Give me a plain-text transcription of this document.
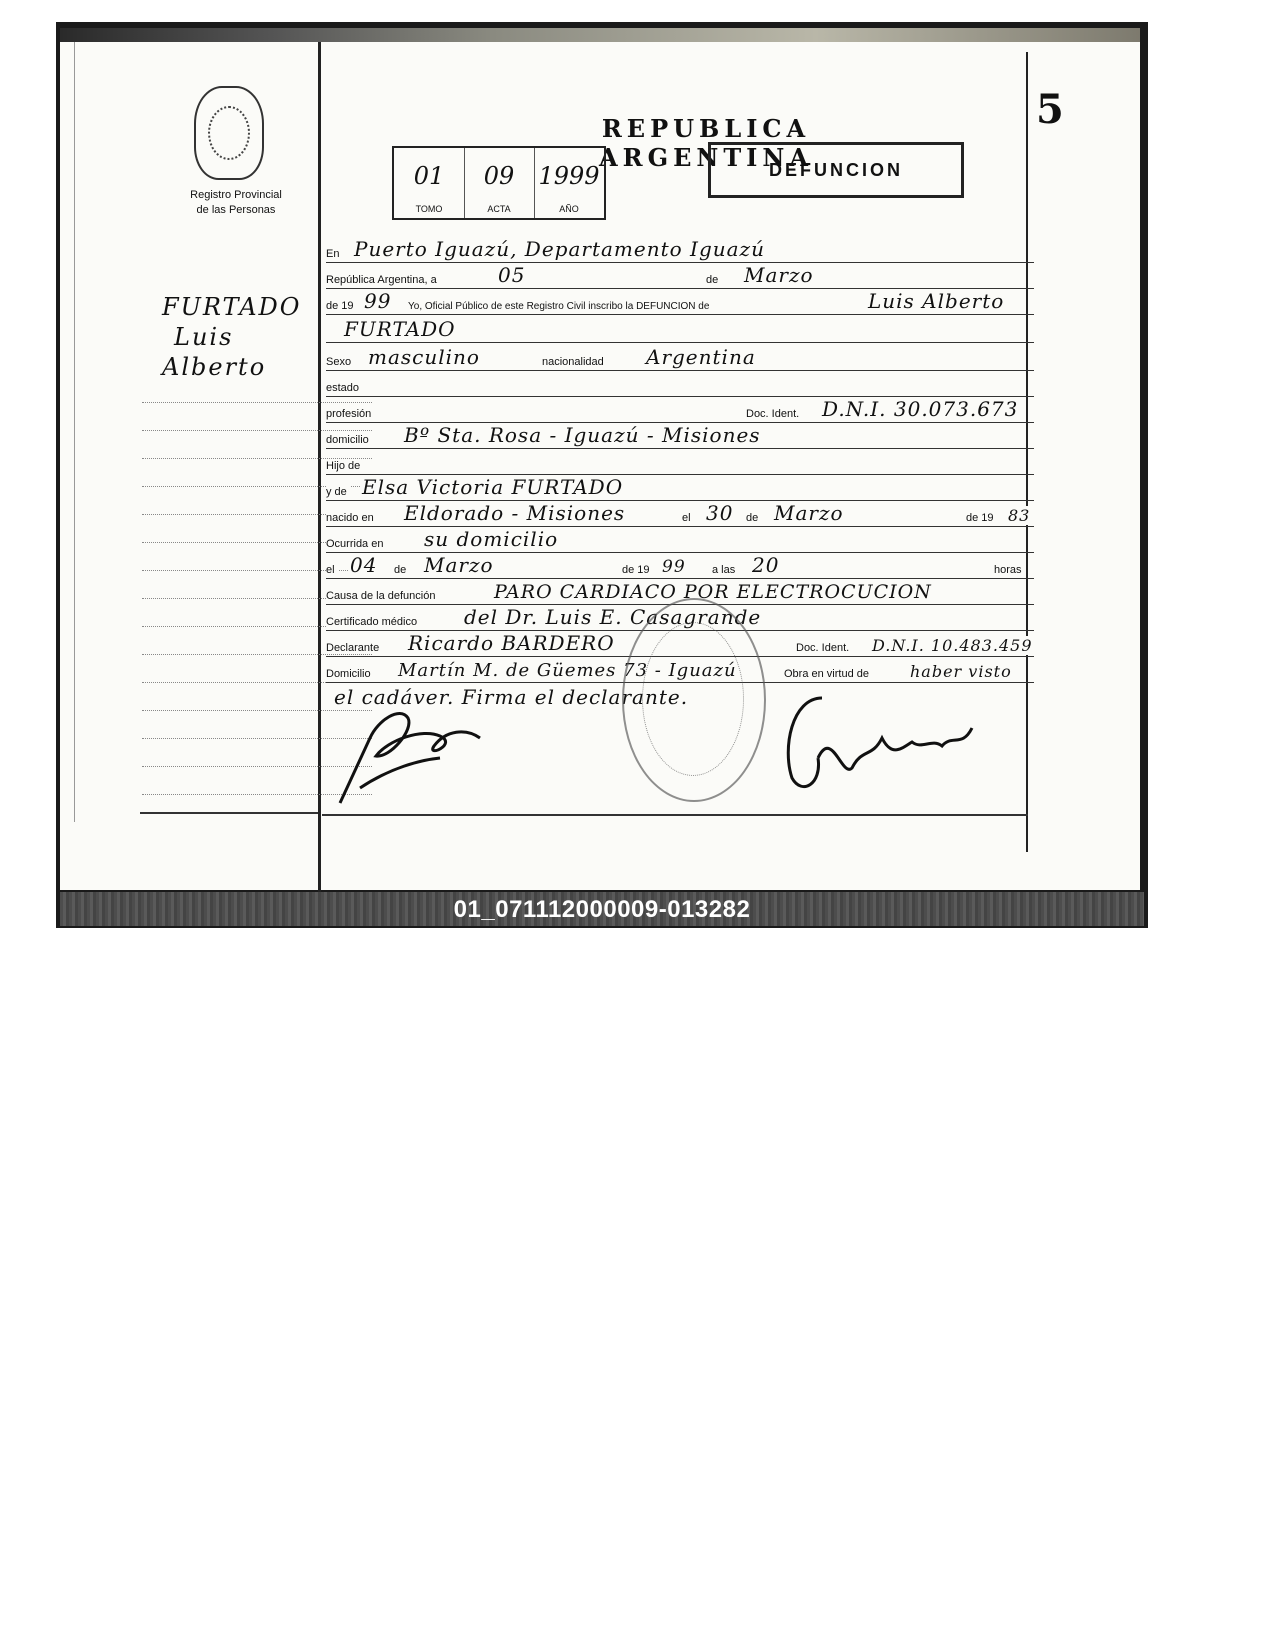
Registro Provincial
de las Personas
FURTADO
Luis
Alberto
5
REPUBLICA ARGENTINA
01
TOMO
09
ACTA
1999
AÑO
DEFUNCION
En Puerto Iguazú, Departamento Iguazú
República Argentina, a	05	de Marzo
de 19 99 Yo, Oficial Público de este Registro Civil inscribo la DEFUNCION de	Luis Alberto
FURTADO
Sexo masculino	nacionalidad Argentina
estado
profesión	Doc. Ident. D.N.I. 30.073.673
domicilio Bº Sta. Rosa - Iguazú - Misiones
Hijo de
y de Elsa Victoria FURTADO
nacido en Eldorado - Misiones	el 30 de Marzo	de 19 83
Ocurrida en su domicilio
el 04 de Marzo	de 19 99 a las 20	horas
Causa de la defunción	PARO CARDIACO POR ELECTROCUCION
Certificado médico del Dr. Luis E. Casagrande
Declarante Ricardo BARDERO	Doc. Ident. D.N.I. 10.483.459
Domicilio Martín M. de Güemes 73 - Iguazú	Obra en virtud de	haber visto
el cadáver. Firma el declarante.
01_071112000009-013282
